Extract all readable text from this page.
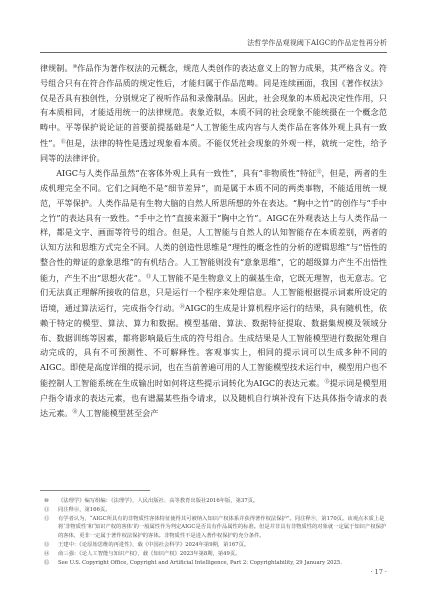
法哲学作品观视阈下AIGC的作品定性再分析

律规制。⑩作品作为著作权法的元概念，规范人类创作的表达意义上的智力成果，其严格含义。符号组合只有在符合作品质的规定性后，才能归属于作品范畴。同是连续画面，我国《著作权法》仅是否具有独创性，分别规定了视听作品和录像制品。因此，社会现象的本质起决定性作用，只有本质相同，才能适用统一的法律规范。表象近似，本质不同的社会现象不能统摄在一个概念范畴中。平等保护说论证的首要前提基础是“人工智能生成内容与人类作品在客体外观上具有一致性”。⑪但是，法律的特性是透过现象看本质。不能仅凭社会现象的外观一样，就统一定性，给予同等的法律评价。

AIGC与人类作品虽然“在客体外观上具有一致性”，具有“非物质性”特征⑫，但是，两者的生成机理完全不同。它们之间绝不是“细节差异”，而是属于本质不同的两类事物，不能适用统一规范，平等保护。人类作品是有生物大脑的自然人所思所想的外在表达。“胸中之竹”的创作与“手中之竹”的表达具有一致性。“手中之竹”直接来源于“胸中之竹”。AIGC在外观表达上与人类作品一样，都是文字、画面等符号的组合。但是，人工智能与自然人的认知智能存在本质差别，两者的认知方法和思维方式完全不同。人类的创造性思维是“理性的概念性的分析的逻辑思维”与“悟性的整合性的辩证的意象思维”的有机结合。人工智能则没有“意象思维”，它的超级算力产生不出悟性能力，产生不出“思想火花”。⑬人工智能不是生物意义上的碳基生命，它既无理智，也无意志。它们无法真正理解所接收的信息，只是运行一个程序来处理信息。人工智能根据提示词素所设定的语境，通过算法运行，完成指令行动。⑭AIGC的生成是计算机程序运行的结果，具有随机性，依赖于特定的模型、算法、算力和数据。模型基础、算法、数据特征提取、数据集规模及领域分布、数据训练等因素，都将影响最后生成的符号组合。生成结果是人工智能模型进行数据处理自动完成的，具有不可预测性、不可解释性。客观事实上，相同的提示词可以生成多种不同的AIGC。即使是高度详细的提示词，也在当前普遍可用的人工智能模型技术运行中，模型用户也不能控制人工智能系统在生成输出时如何将这些提示词转化为AIGC的表达元素。⑮提示词是模型用户指令请求的表达元素，也有谱漏某些指令请求，以及随机自行填补没有下达具体指令请求的表达元素。⑯人工智能模型甚至会产

⑩	《法理学》编写组编：《法理学》，人民出版社、高等教育出版社2016年版，第37页。
⑪	同注释⑧，第166页。
⑫	有学者认为，“AIGC所具有的非物质性客体特征使得其可被纳入知识产权体系并获得著作权法保护”。同注释⑨，第170页。该观点本质上是将‘非物质性’和‘知识产权的客体’的一般属性作为判定AIGC是否具有作品属性的标准。但是并非具有非物质性的对象就一定属于知识产权保护的客体，更非一定属于著作权法保护的客体。非物质性不是进入著作权保护的充分条件。
⑬	王建中：《论原始思维的再进性》，载《中国社会科学》2024年第9期，第167页。
⑭	俞三强：《论人工智能与知识产权》，载《知识产权》2023年第8期，第49页。
⑮	See U.S. Copyright Office, Copyright and Artificial Intelligence, Part 2: Copyrightability, 29 January 2025.
· 17 ·
